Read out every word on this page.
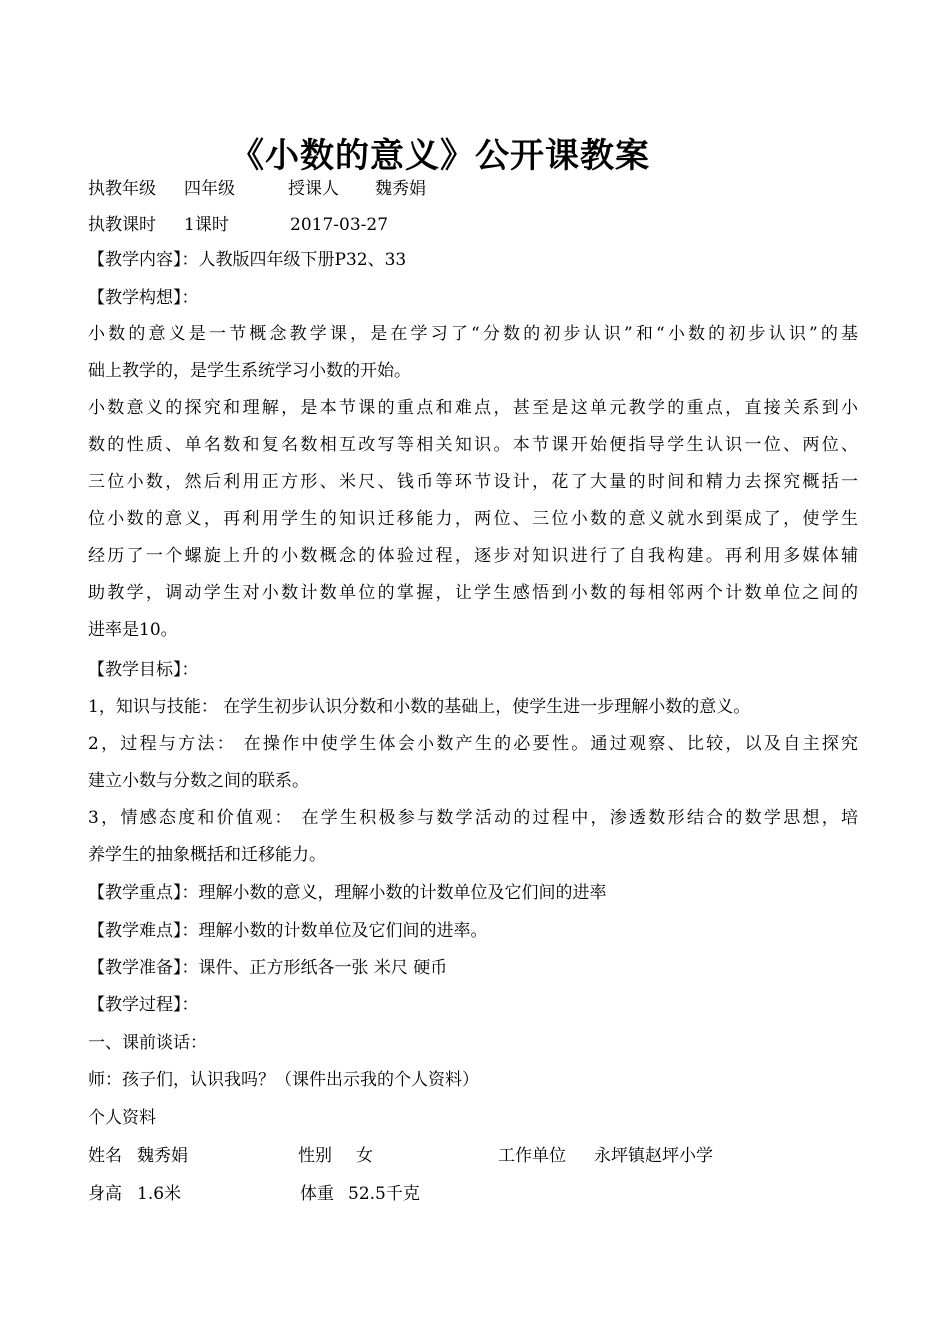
《小数的意义》公开课教案
执教年级 四年级	授课人 魏秀娟
执教课时 1课时	2017-03-27
【教学内容】：人教版四年级下册P32、33
【教学构想】：
小数的意义是一节概念教学课，是在学习了“分数的初步认识”和“小数的初步认识”的基
础上教学的，是学生系统学习小数的开始。
小数意义的探究和理解，是本节课的重点和难点，甚至是这单元教学的重点，直接关系到小
数的性质、单名数和复名数相互改写等相关知识。本节课开始便指导学生认识一位、两位、
三位小数，然后利用正方形、米尺、钱币等环节设计，花了大量的时间和精力去探究概括一
位小数的意义，再利用学生的知识迁移能力，两位、三位小数的意义就水到渠成了，使学生
经历了一个螺旋上升的小数概念的体验过程，逐步对知识进行了自我构建。再利用多媒体辅
助教学，调动学生对小数计数单位的掌握，让学生感悟到小数的每相邻两个计数单位之间的
进率是10。
【教学目标】：
1，知识与技能： 在学生初步认识分数和小数的基础上，使学生进一步理解小数的意义。
2，过程与方法： 在操作中使学生体会小数产生的必要性。通过观察、比较，以及自主探究
建立小数与分数之间的联系。
3，情感态度和价值观： 在学生积极参与数学活动的过程中，渗透数形结合的数学思想，培
养学生的抽象概括和迁移能力。
【教学重点】：理解小数的意义，理解小数的计数单位及它们间的进率
【教学难点】：理解小数的计数单位及它们间的进率。
【教学准备】：课件、正方形纸各一张 米尺 硬币
【教学过程】：
一、课前谈话：
师：孩子们，认识我吗？（课件出示我的个人资料）
个人资料
姓名 魏秀娟	性别 女	工作单位 永坪镇赵坪小学
身高 1.6米	体重 52.5千克
